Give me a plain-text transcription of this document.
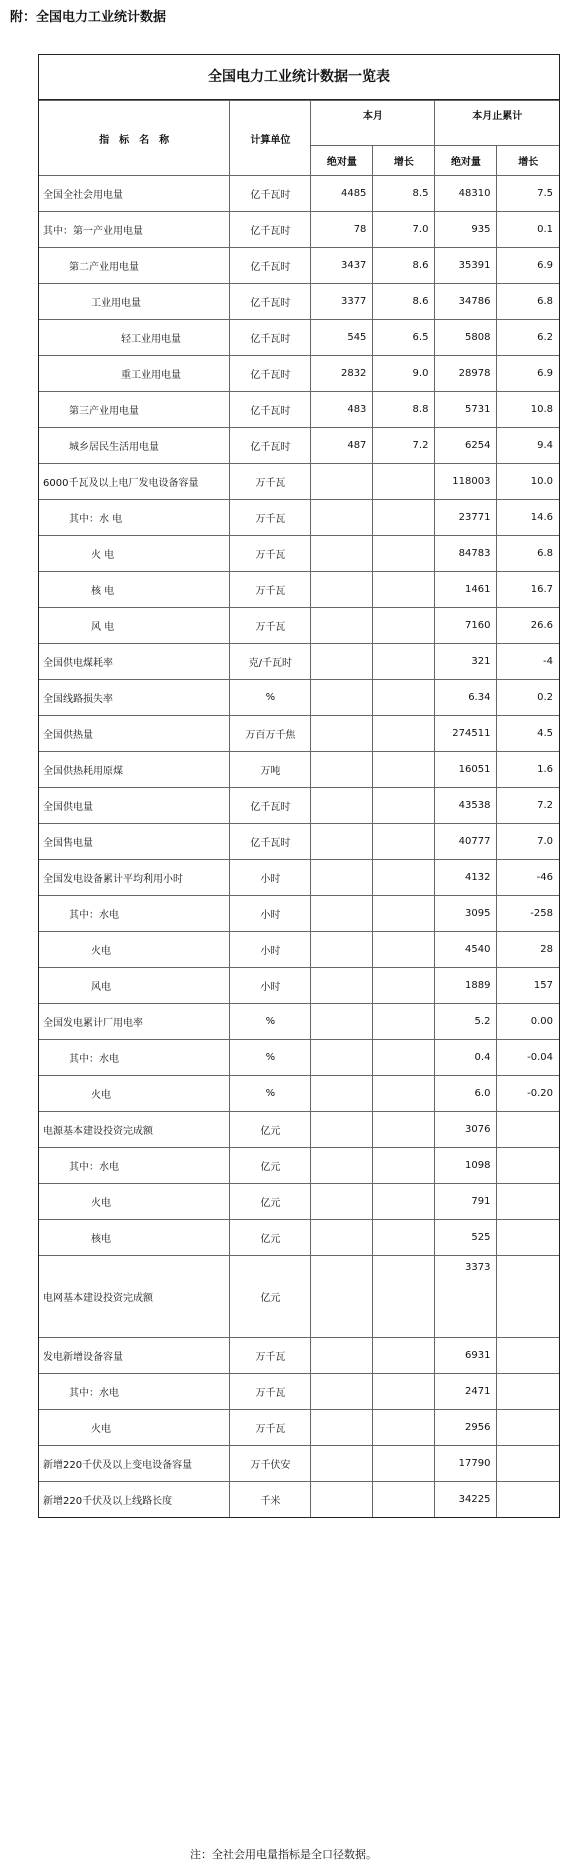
附：全国电力工业统计数据
全国电力工业统计数据一览表
指　标　名　称	计算单位	本月		本月止累计	
		绝对量	增长	绝对量	增长
全国全社会用电量	亿千瓦时	4485	8.5	48310	7.5
其中：第一产业用电量	亿千瓦时	78	7.0	935	0.1
第二产业用电量	亿千瓦时	3437	8.6	35391	6.9
工业用电量	亿千瓦时	3377	8.6	34786	6.8
轻工业用电量	亿千瓦时	545	6.5	5808	6.2
重工业用电量	亿千瓦时	2832	9.0	28978	6.9
第三产业用电量	亿千瓦时	483	8.8	5731	10.8
城乡居民生活用电量	亿千瓦时	487	7.2	6254	9.4
6000千瓦及以上电厂发电设备容量	万千瓦			118003	10.0
其中：水 电	万千瓦			23771	14.6
火 电	万千瓦			84783	6.8
核 电	万千瓦			1461	16.7
风 电	万千瓦			7160	26.6
全国供电煤耗率	克/千瓦时			321	-4
全国线路损失率	%			6.34	0.2
全国供热量	万百万千焦			274511	4.5
全国供热耗用原煤	万吨			16051	1.6
全国供电量	亿千瓦时			43538	7.2
全国售电量	亿千瓦时			40777	7.0
全国发电设备累计平均利用小时	小时			4132	-46
其中：水电	小时			3095	-258
火电	小时			4540	28
风电	小时			1889	157
全国发电累计厂用电率	%			5.2	0.00
其中：水电	%			0.4	-0.04
火电	%			6.0	-0.20
电源基本建设投资完成额	亿元			3076	
其中：水电	亿元			1098	
火电	亿元			791	
核电	亿元			525	
电网基本建设投资完成额	亿元			3373	
发电新增设备容量	万千瓦			6931	
其中：水电	万千瓦			2471	
火电	万千瓦			2956	
新增220千伏及以上变电设备容量	万千伏安			17790	
新增220千伏及以上线路长度	千米			34225	
注：全社会用电量指标是全口径数据。
